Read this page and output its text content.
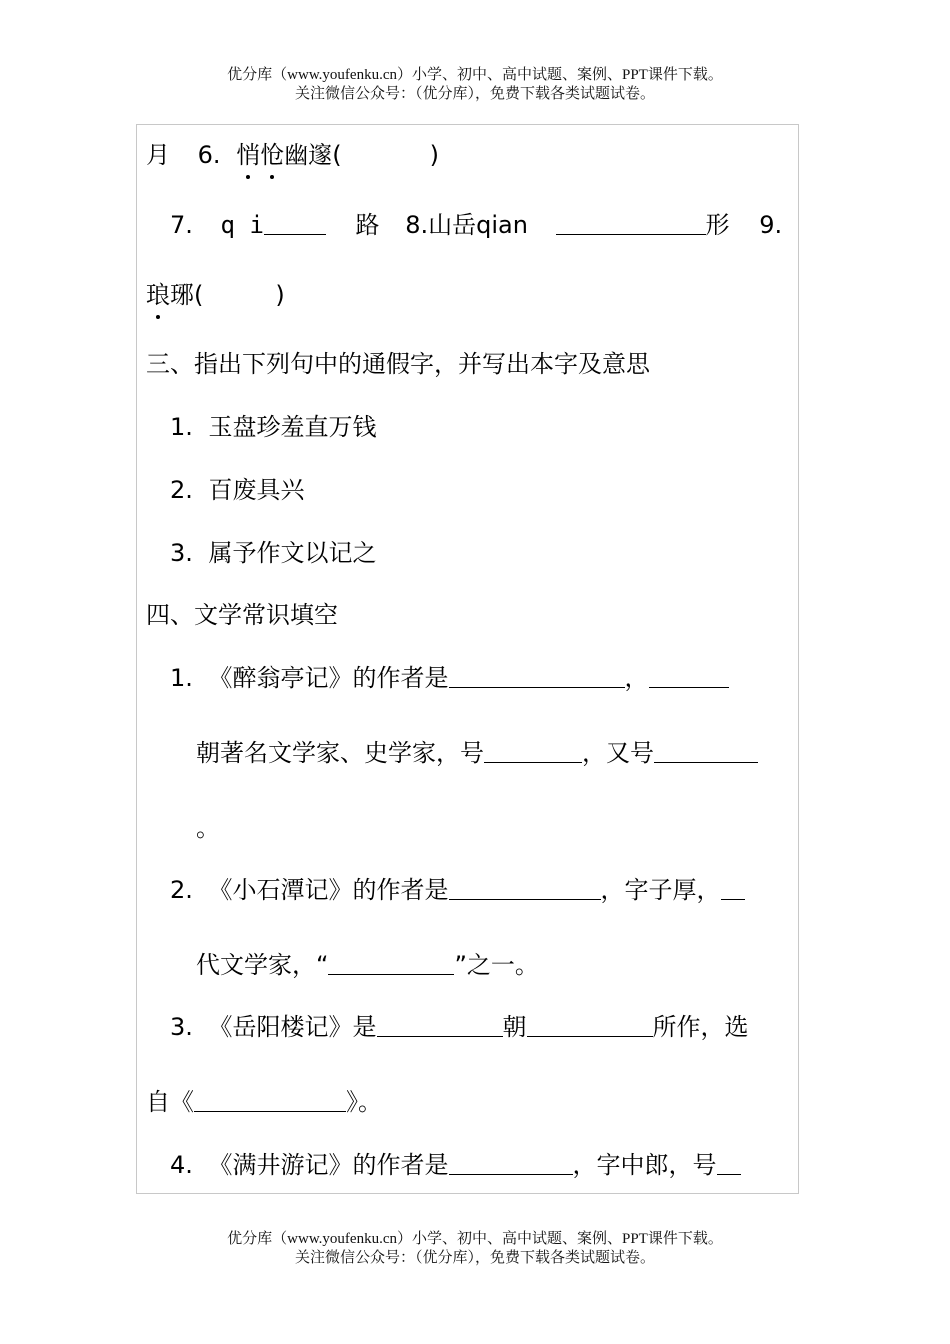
优分库（www.youfenku.cn）小学、初中、高中试题、案例、PPT课件下载。
关注微信公众号：（优分库），免费下载各类试题试卷。
月 6. 悄怆幽邃(	)
7. q i	路 8.山岳qian	形 9.
琅琊(	)
三、指出下列句中的通假字，并写出本字及意思
1. 玉盘珍羞直万钱
2. 百废具兴
3. 属予作文以记之
四、文学常识填空
1. 《醉翁亭记》的作者是	，
朝著名文学家、史学家，号	，又号
。
2. 《小石潭记》的作者是	，字子厚，
代文学家，“	”之一。
3. 《岳阳楼记》是	朝	所作，选
自《	》。
4. 《满井游记》的作者是	，字中郎，号
优分库（www.youfenku.cn）小学、初中、高中试题、案例、PPT课件下载。
关注微信公众号：（优分库），免费下载各类试题试卷。
